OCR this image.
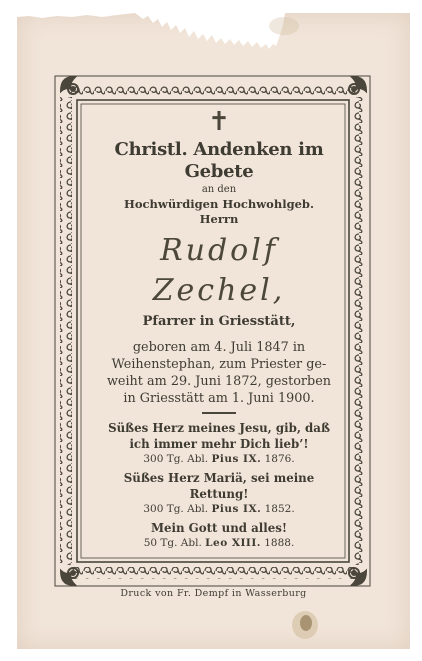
✝
Christl. Andenken im Gebete
an den
Hochwürdigen Hochwohlgeb.
Herrn
Rudolf Zechel,
Pfarrer in Griesstätt,
geboren am 4. Juli 1847 in
Weihenstephan, zum Priester ge-
weiht am 29. Juni 1872, gestorben
in Griesstätt am 1. Juni 1900.
Süßes Herz meines Jesu, gib, daß
ich immer mehr Dich lieb’!
300 Tg. Abl. Pius IX. 1876.
Süßes Herz Mariä, sei meine
Rettung!
300 Tg. Abl. Pius IX. 1852.
Mein Gott und alles!
50 Tg. Abl. Leo XIII. 1888.
Druck von Fr. Dempf in Wasserburg
